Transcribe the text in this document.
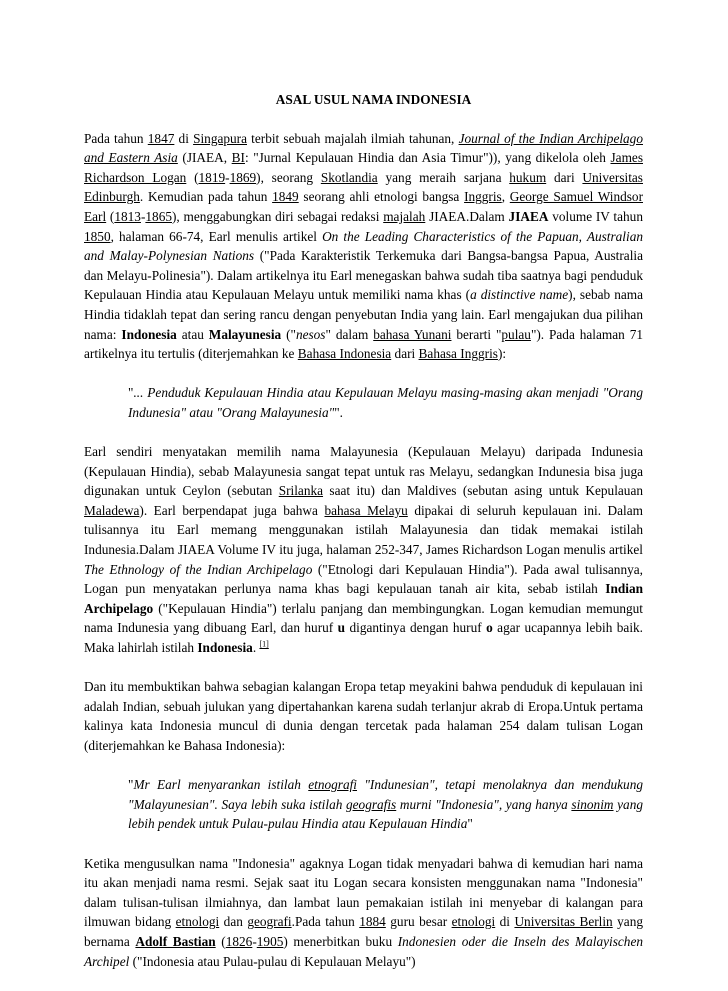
ASAL USUL NAMA INDONESIA

Pada tahun 1847 di Singapura terbit sebuah majalah ilmiah tahunan, Journal of the Indian Archipelago and Eastern Asia (JIAEA, BI: "Jurnal Kepulauan Hindia dan Asia Timur")), yang dikelola oleh James Richardson Logan (1819-1869), seorang Skotlandia yang meraih sarjana hukum dari Universitas Edinburgh. Kemudian pada tahun 1849 seorang ahli etnologi bangsa Inggris, George Samuel Windsor Earl (1813-1865), menggabungkan diri sebagai redaksi majalah JIAEA.Dalam JIAEA volume IV tahun 1850, halaman 66-74, Earl menulis artikel On the Leading Characteristics of the Papuan, Australian and Malay-Polynesian Nations ("Pada Karakteristik Terkemuka dari Bangsa-bangsa Papua, Australia dan Melayu-Polinesia"). Dalam artikelnya itu Earl menegaskan bahwa sudah tiba saatnya bagi penduduk Kepulauan Hindia atau Kepulauan Melayu untuk memiliki nama khas (a distinctive name), sebab nama Hindia tidaklah tepat dan sering rancu dengan penyebutan India yang lain. Earl mengajukan dua pilihan nama: Indonesia atau Malayunesia ("nesos" dalam bahasa Yunani berarti "pulau"). Pada halaman 71 artikelnya itu tertulis (diterjemahkan ke Bahasa Indonesia dari Bahasa Inggris):

"... Penduduk Kepulauan Hindia atau Kepulauan Melayu masing-masing akan menjadi "Orang Indunesia" atau "Orang Malayunesia"".

Earl sendiri menyatakan memilih nama Malayunesia (Kepulauan Melayu) daripada Indunesia (Kepulauan Hindia), sebab Malayunesia sangat tepat untuk ras Melayu, sedangkan Indunesia bisa juga digunakan untuk Ceylon (sebutan Srilanka saat itu) dan Maldives (sebutan asing untuk Kepulauan Maladewa). Earl berpendapat juga bahwa bahasa Melayu dipakai di seluruh kepulauan ini. Dalam tulisannya itu Earl memang menggunakan istilah Malayunesia dan tidak memakai istilah Indunesia.Dalam JIAEA Volume IV itu juga, halaman 252-347, James Richardson Logan menulis artikel The Ethnology of the Indian Archipelago ("Etnologi dari Kepulauan Hindia"). Pada awal tulisannya, Logan pun menyatakan perlunya nama khas bagi kepulauan tanah air kita, sebab istilah Indian Archipelago ("Kepulauan Hindia") terlalu panjang dan membingungkan. Logan kemudian memungut nama Indunesia yang dibuang Earl, dan huruf u digantinya dengan huruf o agar ucapannya lebih baik. Maka lahirlah istilah Indonesia. [1]

Dan itu membuktikan bahwa sebagian kalangan Eropa tetap meyakini bahwa penduduk di kepulauan ini adalah Indian, sebuah julukan yang dipertahankan karena sudah terlanjur akrab di Eropa.Untuk pertama kalinya kata Indonesia muncul di dunia dengan tercetak pada halaman 254 dalam tulisan Logan (diterjemahkan ke Bahasa Indonesia):

"Mr Earl menyarankan istilah etnografi "Indunesian", tetapi menolaknya dan mendukung "Malayunesian". Saya lebih suka istilah geografis murni "Indonesia", yang hanya sinonim yang lebih pendek untuk Pulau-pulau Hindia atau Kepulauan Hindia"

Ketika mengusulkan nama "Indonesia" agaknya Logan tidak menyadari bahwa di kemudian hari nama itu akan menjadi nama resmi. Sejak saat itu Logan secara konsisten menggunakan nama "Indonesia" dalam tulisan-tulisan ilmiahnya, dan lambat laun pemakaian istilah ini menyebar di kalangan para ilmuwan bidang etnologi dan geografi.Pada tahun 1884 guru besar etnologi di Universitas Berlin yang bernama Adolf Bastian (1826-1905) menerbitkan buku Indonesien oder die Inseln des Malayischen Archipel ("Indonesia atau Pulau-pulau di Kepulauan Melayu")
